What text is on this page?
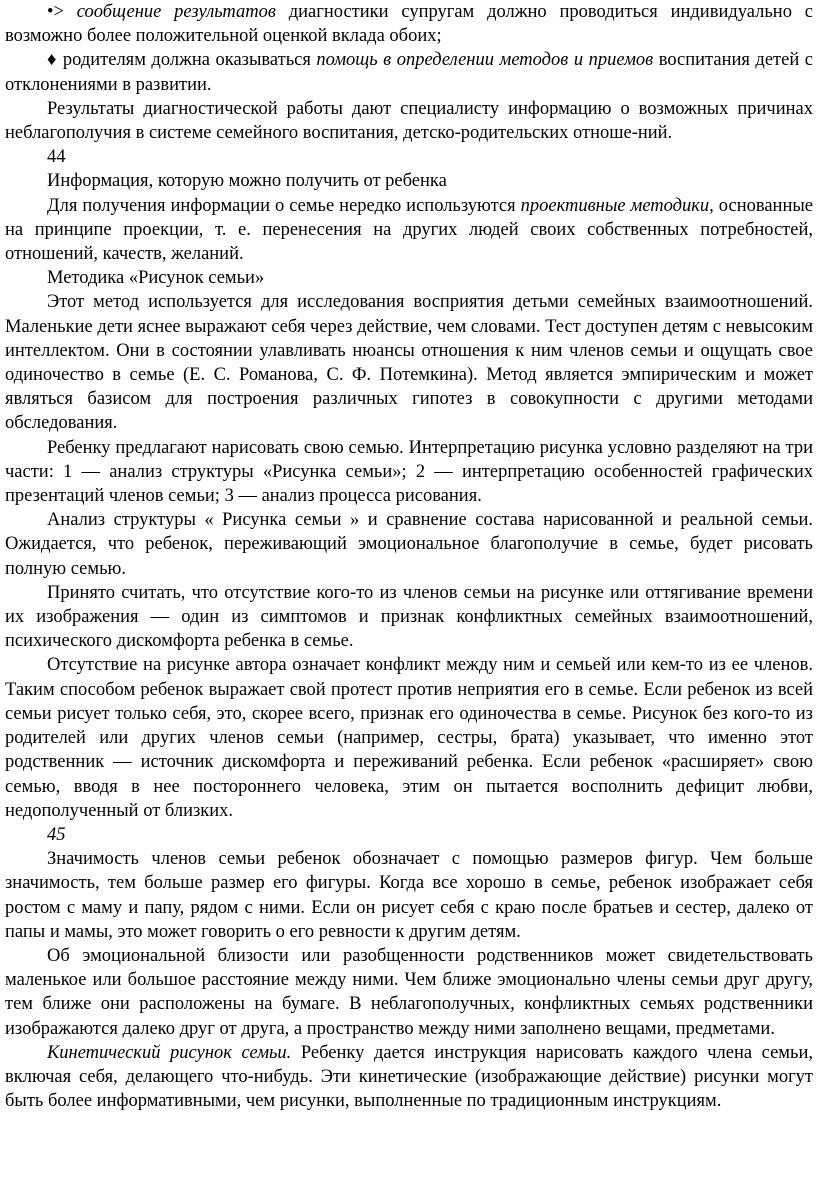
•> сообщение результатов диагностики супругам должно проводиться индивидуально с возможно более положительной оценкой вклада обоих;

♦ родителям должна оказываться помощь в определении методов и приемов воспитания детей с отклонениями в развитии.

Результаты диагностической работы дают специалисту информацию о возможных причинах неблагополучия в системе семейного воспитания, детско-родительских отноше-ний.

44

Информация, которую можно получить от ребенка

Для получения информации о семье нередко используются проективные методики, основанные на принципе проекции, т. е. перенесения на других людей своих собственных потребностей, отношений, качеств, желаний.

Методика «Рисунок семьи»

Этот метод используется для исследования восприятия детьми семейных взаимоотношений. Маленькие дети яснее выражают себя через действие, чем словами. Тест доступен детям с невысоким интеллектом. Они в состоянии улавливать нюансы отношения к ним членов семьи и ощущать свое одиночество в семье (Е. С. Романова, С. Ф. Потемкина). Метод является эмпирическим и может являться базисом для построения различных гипотез в совокупности с другими методами обследования.

Ребенку предлагают нарисовать свою семью. Интерпретацию рисунка условно разделяют на три части: 1 — анализ структуры «Рисунка семьи»; 2 — интерпретацию особенностей графических презентаций членов семьи; 3 — анализ процесса рисования.

Анализ структуры « Рисунка семьи » и сравнение состава нарисованной и реальной семьи. Ожидается, что ребенок, переживающий эмоциональное благополучие в семье, будет рисовать полную семью.

Принято считать, что отсутствие кого-то из членов семьи на рисунке или оттягивание времени их изображения — один из симптомов и признак конфликтных семейных взаимоотношений, психического дискомфорта ребенка в семье.

Отсутствие на рисунке автора означает конфликт между ним и семьей или кем-то из ее членов. Таким способом ребенок выражает свой протест против неприятия его в семье. Если ребенок из всей семьи рисует только себя, это, скорее всего, признак его одиночества в семье. Рисунок без кого-то из родителей или других членов семьи (например, сестры, брата) указывает, что именно этот родственник — источник дискомфорта и переживаний ребенка. Если ребенок «расширяет» свою семью, вводя в нее постороннего человека, этим он пытается восполнить дефицит любви, недополученный от близких.

45

Значимость членов семьи ребенок обозначает с помощью размеров фигур. Чем больше значимость, тем больше размер его фигуры. Когда все хорошо в семье, ребенок изображает себя ростом с маму и папу, рядом с ними. Если он рисует себя с краю после братьев и сестер, далеко от папы и мамы, это может говорить о его ревности к другим детям.

Об эмоциональной близости или разобщенности родственников может свидетельствовать маленькое или большое расстояние между ними. Чем ближе эмоционально члены семьи друг другу, тем ближе они расположены на бумаге. В неблагополучных, конфликтных семьях родственники изображаются далеко друг от друга, а пространство между ними заполнено вещами, предметами.

Кинетический рисунок семьи. Ребенку дается инструкция нарисовать каждого члена семьи, включая себя, делающего что-нибудь. Эти кинетические (изображающие действие) рисунки могут быть более информативными, чем рисунки, выполненные по традиционным инструкциям.
